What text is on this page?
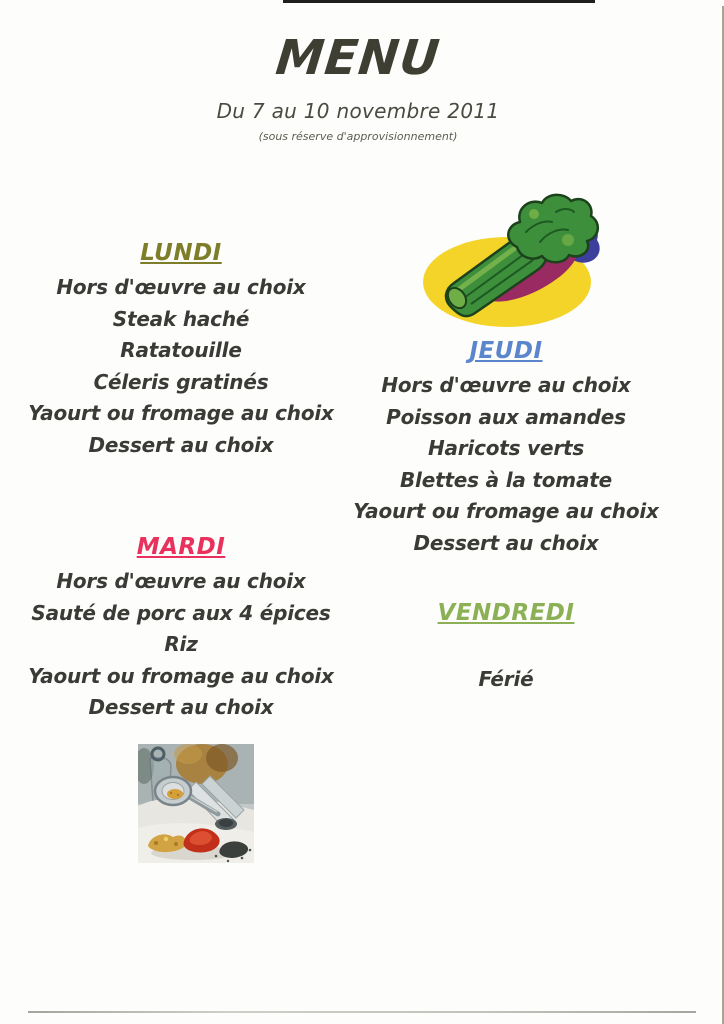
MENU
Du 7 au 10 novembre 2011
(sous réserve d'approvisionnement)
LUNDI
Hors d'œuvre au choix
Steak haché
Ratatouille
Céleris gratinés
Yaourt ou fromage au choix
Dessert au choix
MARDI
Hors d'œuvre au choix
Sauté de porc aux 4 épices
Riz
Yaourt ou fromage au choix
Dessert au choix
JEUDI
Hors d'œuvre au choix
Poisson aux amandes
Haricots verts
Blettes à la tomate
Yaourt ou fromage au choix
Dessert au choix
VENDREDI
Férié
